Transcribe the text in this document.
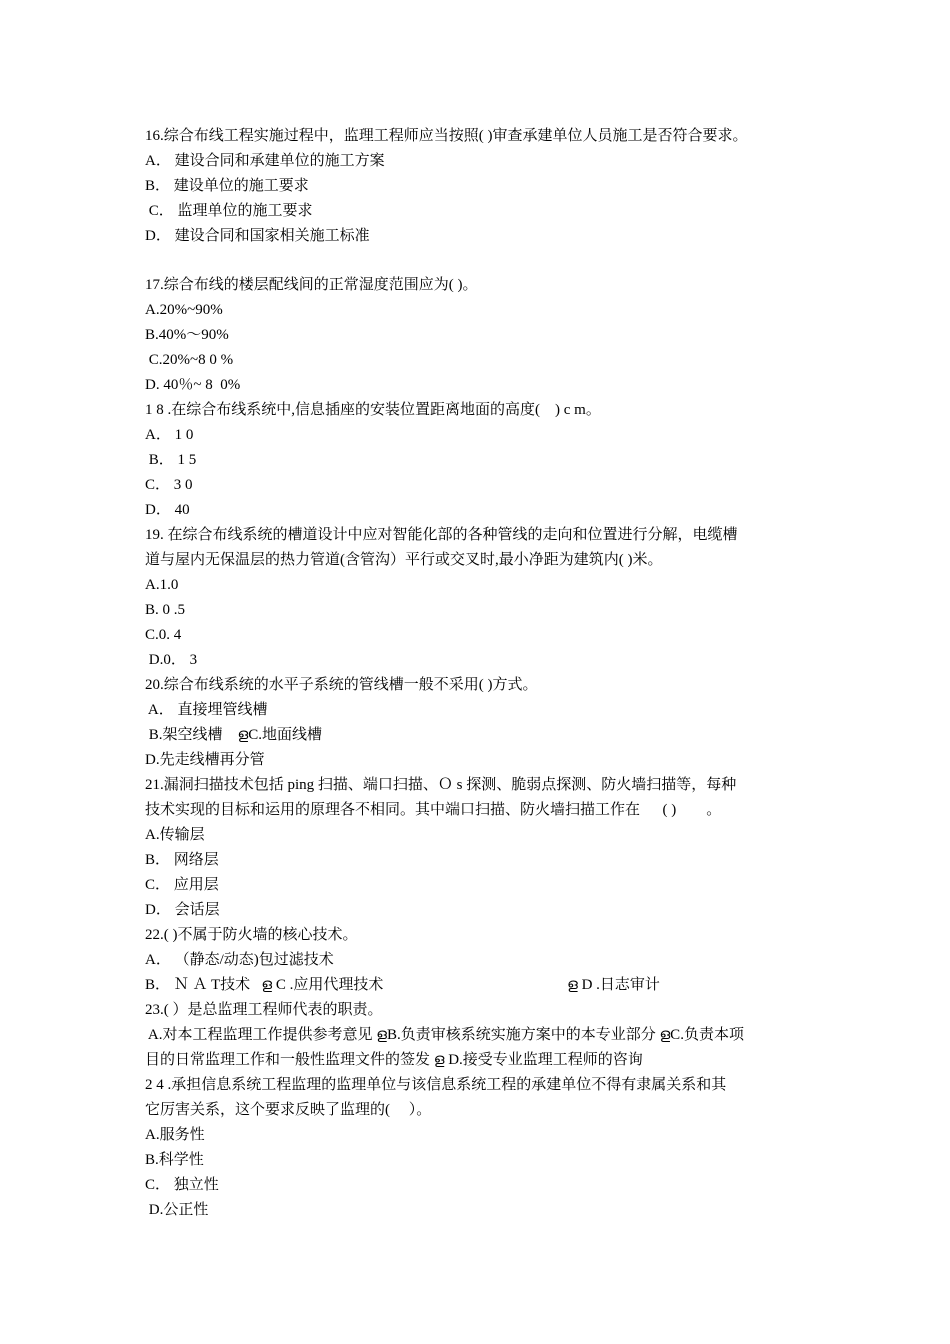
16.综合布线工程实施过程中，监理工程师应当按照( )审查承建单位人员施工是否符合要求。
A． 建设合同和承建单位的施工方案
B． 建设单位的施工要求
C． 监理单位的施工要求
D． 建设合同和国家相关施工标准
17.综合布线的楼层配线间的正常湿度范围应为( )。
A.20%~90%
B.40%～90%
C.20%~8 0 %
D. 40％~ 8  0%
1 8 .在综合布线系统中,信息插座的安装位置距离地面的高度(    ) c m。
A． 1 0
B． 1 5
C． 3 0
D． 40
19. 在综合布线系统的槽道设计中应对智能化部的各种管线的走向和位置进行分解，电缆槽
道与屋内无保温层的热力管道(含管沟）平行或交叉时,最小净距为建筑内( )米。
A.1.0
B. 0 .5
C.0. 4
D.0． 3
20.综合布线系统的水平子系统的管线槽一般不采用( )方式。
A． 直接埋管线槽
B.架空线槽    ളC.地面线槽
D.先走线槽再分管
21.漏洞扫描技术包括 ping 扫描、端口扫描、Ｏ s 探测、脆弱点探测、防火墙扫描等，每种
技术实现的目标和运用的原理各不相同。其中端口扫描、防火墙扫描工作在      ( )        。
A.传输层
B． 网络层
C． 应用层
D． 会话层
22.( )不属于防火墙的核心技术。
A． （静态/动态)包过滤技术
B． Ｎ Ａ T技术   ള C .应用代理技术                                                 ള D .日志审计
23.( ）是总监理工程师代表的职责。
A.对本工程监理工作提供参考意见 ളB.负责审核系统实施方案中的本专业部分 ളC.负责本项
目的日常监理工作和一般性监理文件的签发 ള D.接受专业监理工程师的咨询
2 4 .承担信息系统工程监理的监理单位与该信息系统工程的承建单位不得有隶属关系和其
它厉害关系，这个要求反映了监理的(     ）。
A.服务性
B.科学性
C． 独立性
D.公正性
